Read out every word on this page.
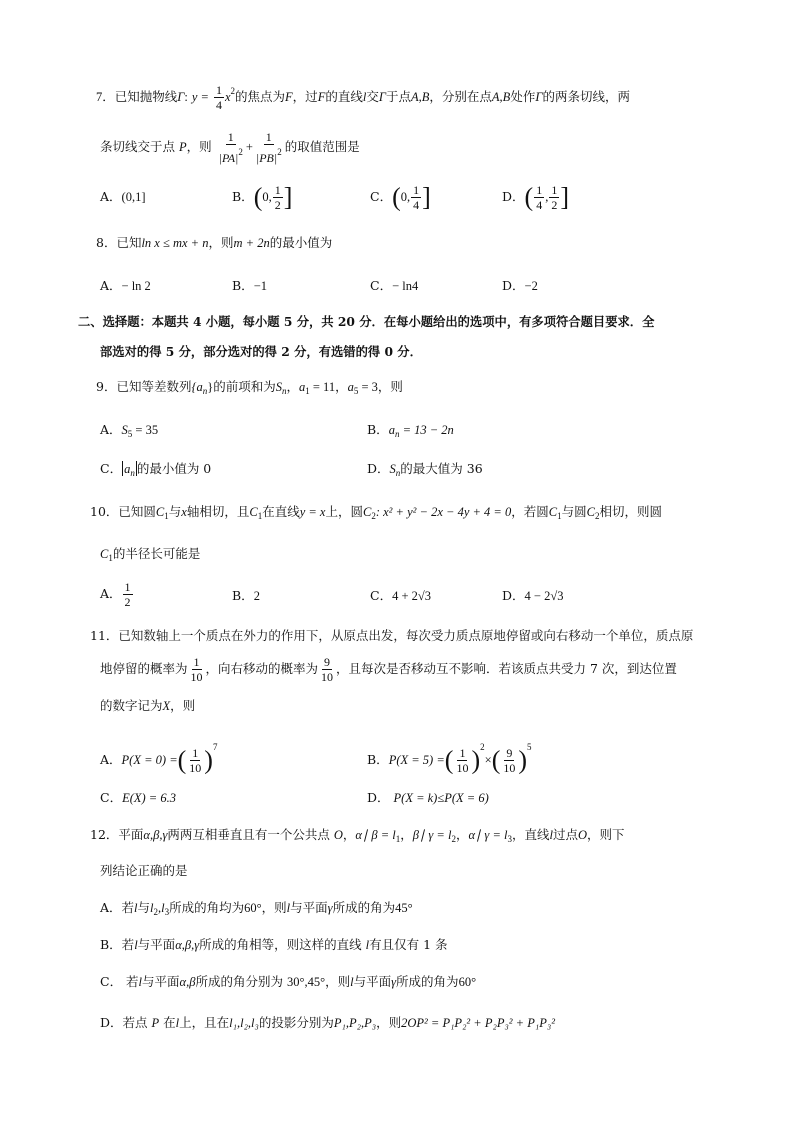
7．已知抛物线Γ: $y = \frac{1}{4} x^2$的焦点为F，过F的直线l交Γ于点A,B，分别在点A,B处作Γ的两条切线，两
条切线交于点 P，则 $\frac{1}{|PA|^2} + \frac{1}{|PB|^2}$ 的取值范围是
A．(0,1]	B．(0, $\frac{1}{2}$ ]	C．(0, $\frac{1}{4}$ ]	D．( $\frac{1}{4}$ , $\frac{1}{2}$ ]
8．已知ln x ≤ mx + n，则m + 2n的最小值为
A．− ln 2	B．−1	C．− ln4	D．−2
二、选择题：本题共 4 小题，每小题 5 分，共 20 分．在每小题给出的选项中，有多项符合题目要求．全
部选对的得 5 分，部分选对的得 2 分，有选错的得 0 分．
9．已知等差数列$\{a_n\}$的前项和为$S_n$，$a_1 = 11$，$a_5 = 3$，则
A．$S_5 = 35$	B．$a_n = 13 - 2n$
C． $a_n$ 的最小值为 0	D．$S_n$的最大值为 36
10．已知圆$C_1$与x轴相切，且$C_1$在直线y = x上，圆$C_2$: x² + y² − 2x − 4y + 4 = 0，若圆$C_1$与圆$C_2$相切，则圆
$C_1$的半径长可能是
A． $\frac{1}{2}$	B．2	C．4 + 2√3	D．4 − 2√3
11．已知数轴上一个质点在外力的作用下，从原点出发，每次受力质点原地停留或向右移动一个单位，质点原
地停留的概率为 $\frac{1}{10}$ ，向右移动的概率为 $\frac{9}{10}$ ，且每次是否移动互不影响．若该质点共受力 7 次，到达位置
的数字记为X，则
A．P(X = 0) =( $\frac{1}{10} )^7$
B．P(X = 5) =( $\frac{1}{10} )^2\times( \frac{9}{10} )^5$
C．E(X) = 6.3	D． P(X = k)≤P(X = 6)
12．平面α,β,γ两两互相垂直且有一个公共点 O，α∣ $\beta = l_1$，β∣ $\gamma = l_2$，α∣ $\gamma = l_3$，直线l过点O，则下
列结论正确的是
A．若l与$l_2,l_3$所成的角均为60°，则l与平面γ所成的角为45°
B．若l与平面α,β,γ所成的角相等，则这样的直线 l有且仅有 1 条
C． 若l与平面α,β所成的角分别为 30°,45°，则l与平面γ所成的角为60°
D．若点 P 在l上，且在l₁,l₂,l₃的投影分别为P₁,P₂,P₃，则2OP² = P₁P₂² + P₂P₃² + P₁P₃²
